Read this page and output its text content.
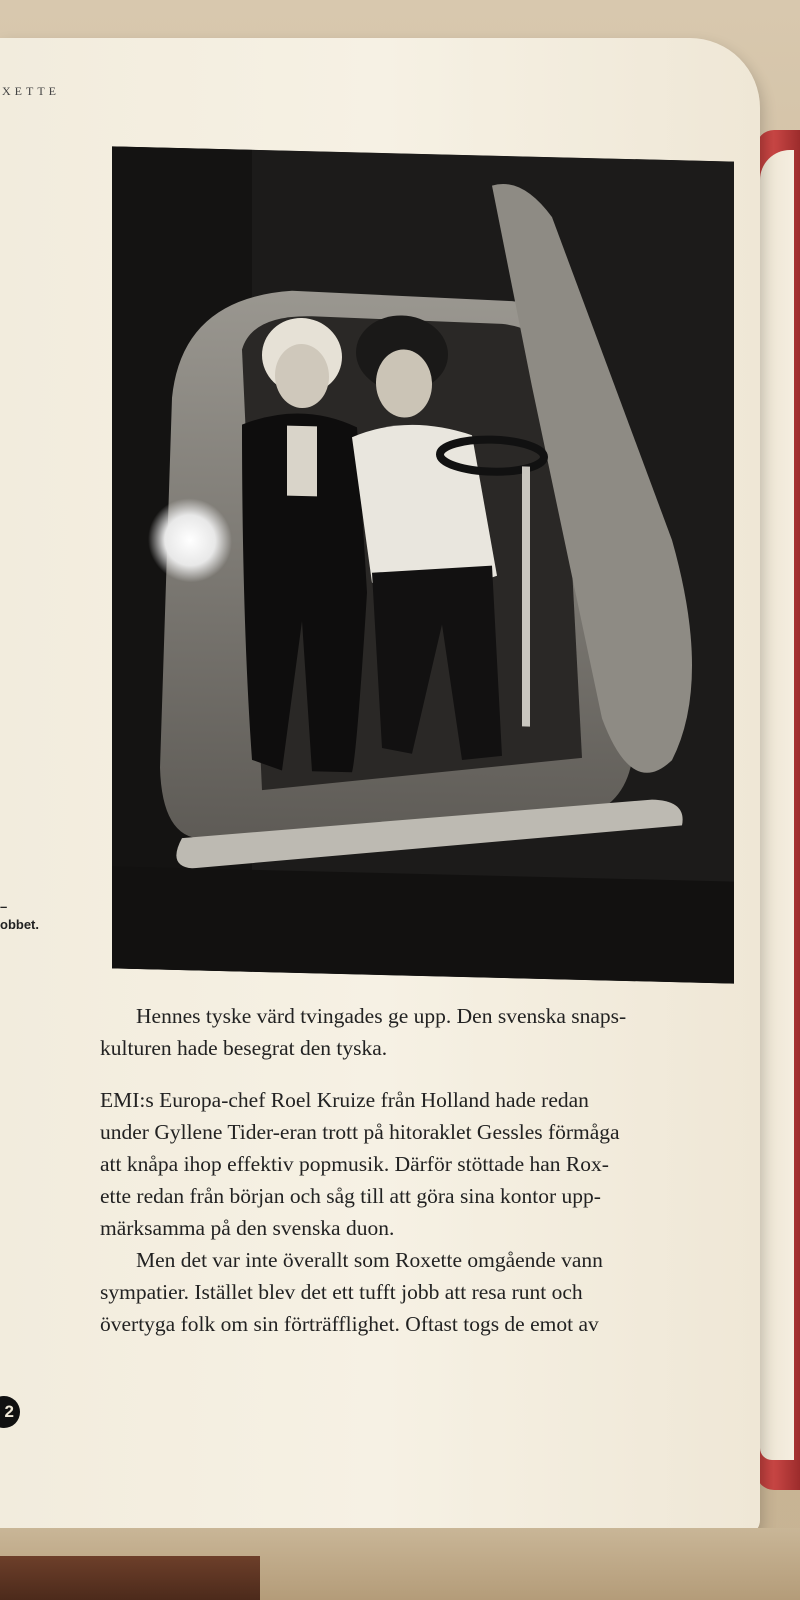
XETTE
–
obbet.

Hennes tyske värd tvingades ge upp. Den svenska snaps-
kulturen hade besegrat den tyska.

EMI:s Europa-chef Roel Kruize från Holland hade redan
under Gyllene Tider-eran trott på hitoraklet Gessles förmåga
att knåpa ihop effektiv popmusik. Därför stöttade han Rox-
ette redan från början och såg till att göra sina kontor upp-
märksamma på den svenska duon.

Men det var inte överallt som Roxette omgående vann
sympatier. Istället blev det ett tufft jobb att resa runt och
övertyga folk om sin förträfflighet. Oftast togs de emot av

2
